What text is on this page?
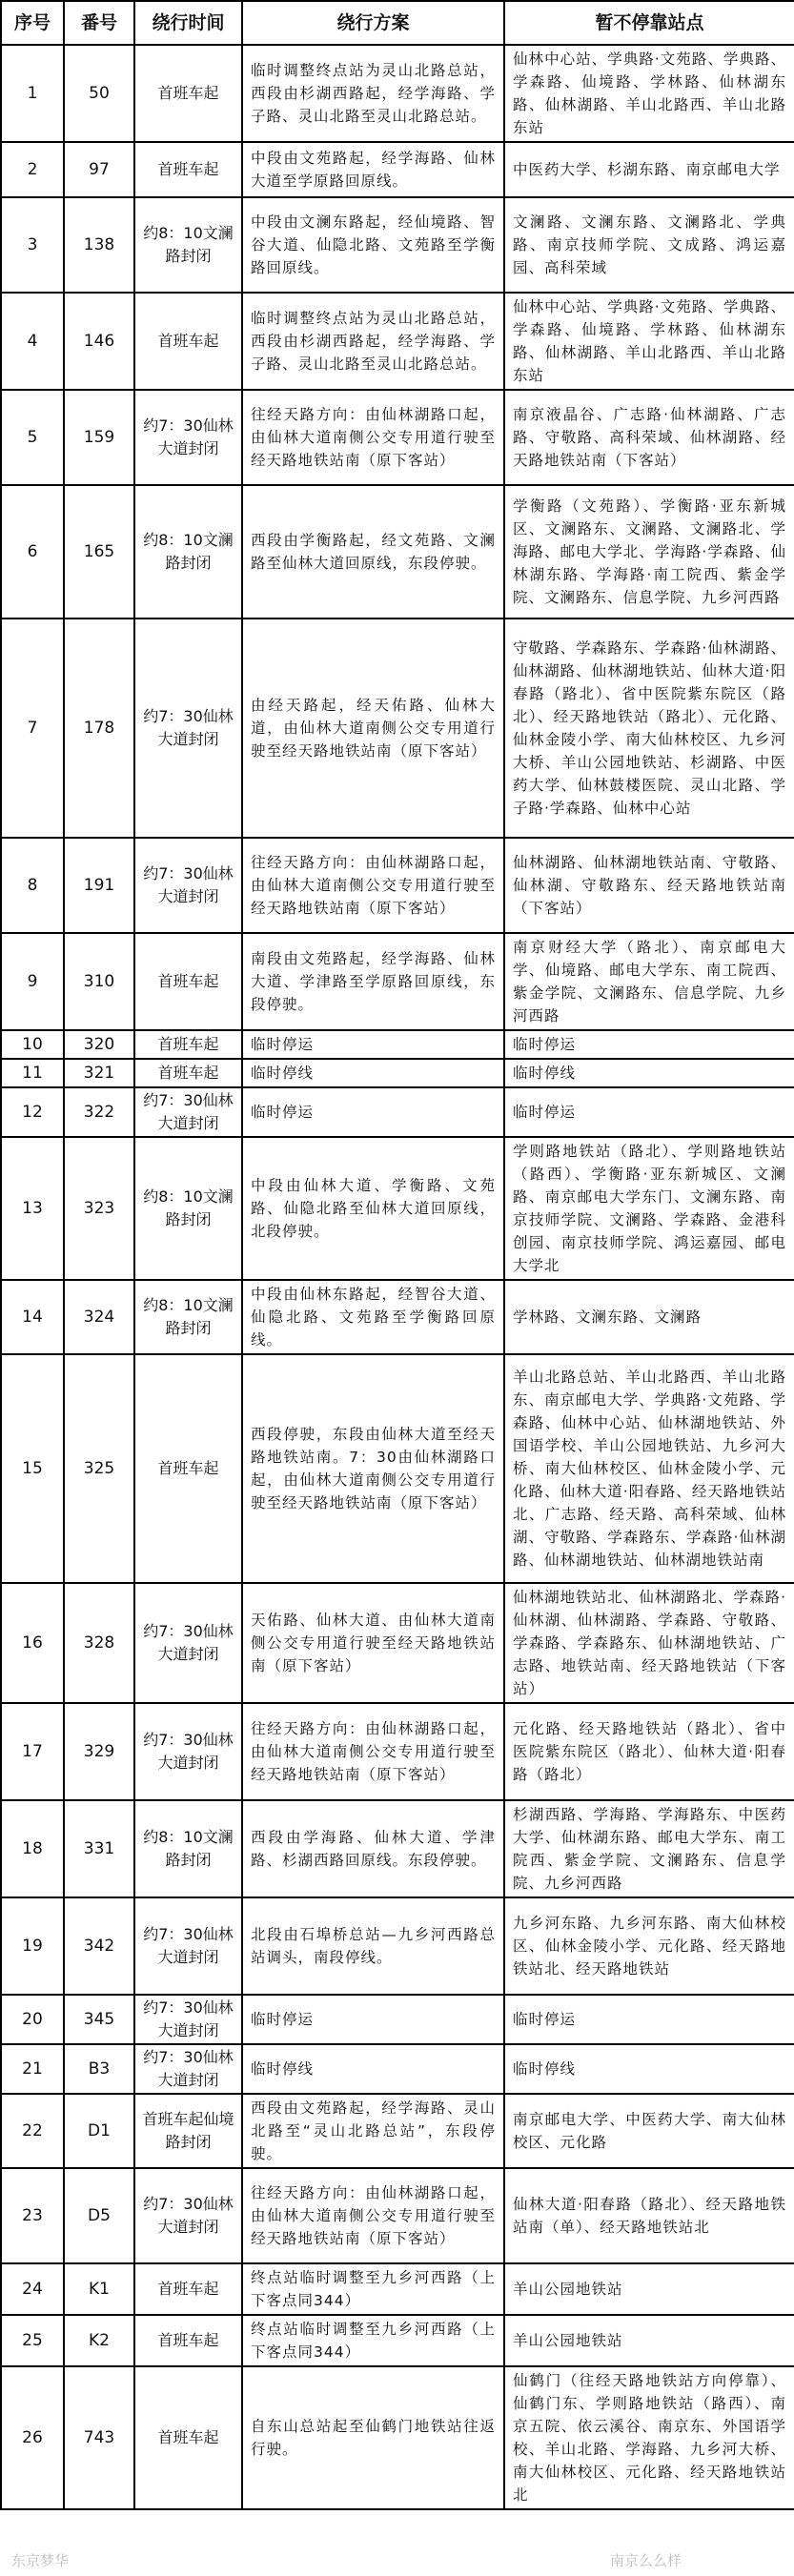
序号	番号	绕行时间	绕行方案	暂不停靠站点
1	50	首班车起	临时调整终点站为灵山北路总站，西段由杉湖西路起，经学海路、学子路、灵山北路至灵山北路总站。	仙林中心站、学典路·文苑路、学典路、学森路、仙境路、学林路、仙林湖东路、仙林湖路、羊山北路西、羊山北路东站
2	97	首班车起	中段由文苑路起，经学海路、仙林大道至学原路回原线。	中医药大学、杉湖东路、南京邮电大学
3	138	约8：10文澜路封闭	中段由文澜东路起，经仙境路、智谷大道、仙隐北路、文苑路至学衡路回原线。	文澜路、文澜东路、文澜路北、学典路、南京技师学院、文成路、鸿运嘉园、高科荣域
4	146	首班车起	临时调整终点站为灵山北路总站，西段由杉湖西路起，经学海路、学子路、灵山北路至灵山北路总站。	仙林中心站、学典路·文苑路、学典路、学森路、仙境路、学林路、仙林湖东路、仙林湖路、羊山北路西、羊山北路东站
5	159	约7：30仙林大道封闭	往经天路方向：由仙林湖路口起，由仙林大道南侧公交专用道行驶至经天路地铁站南（原下客站）	南京液晶谷、广志路·仙林湖路、广志路、守敬路、高科荣域、仙林湖路、经天路地铁站南（下客站）
6	165	约8：10文澜路封闭	西段由学衡路起，经文苑路、文澜路至仙林大道回原线，东段停驶。	学衡路（文苑路）、学衡路·亚东新城区、文澜路东、文澜路、文澜路北、学海路、邮电大学北、学海路·学森路、仙林湖东路、学海路·南工院西、紫金学院、文澜路东、信息学院、九乡河西路
7	178	约7：30仙林大道封闭	由经天路起，经天佑路、仙林大道，由仙林大道南侧公交专用道行驶至经天路地铁站南（原下客站）	守敬路、学森路东、学森路·仙林湖路、仙林湖路、仙林湖地铁站、仙林大道·阳春路（路北）、省中医院紫东院区（路北）、经天路地铁站（路北）、元化路、仙林金陵小学、南大仙林校区、九乡河大桥、羊山公园地铁站、杉湖路、中医药大学、仙林鼓楼医院、灵山北路、学子路·学森路、仙林中心站
8	191	约7：30仙林大道封闭	往经天路方向：由仙林湖路口起，由仙林大道南侧公交专用道行驶至经天路地铁站南（原下客站）	仙林湖路、仙林湖地铁站南、守敬路、仙林湖、守敬路东、经天路地铁站南（下客站）
9	310	首班车起	南段由文苑路起，经学海路、仙林大道、学津路至学原路回原线，东段停驶。	南京财经大学（路北）、南京邮电大学、仙境路、邮电大学东、南工院西、紫金学院、文澜路东、信息学院、九乡河西路
10	320	首班车起	临时停运	临时停运
11	321	首班车起	临时停线	临时停线
12	322	约7：30仙林大道封闭	临时停运	临时停运
13	323	约8：10文澜路封闭	中段由仙林大道、学衡路、文苑路、仙隐北路至仙林大道回原线，北段停驶。	学则路地铁站（路北）、学则路地铁站（路西）、学衡路·亚东新城区、文澜路、南京邮电大学东门、文澜东路、南京技师学院、文澜路、学森路、金港科创园、南京技师学院、鸿运嘉园、邮电大学北
14	324	约8：10文澜路封闭	中段由仙林东路起，经智谷大道、仙隐北路、文苑路至学衡路回原线。	学林路、文澜东路、文澜路
15	325	首班车起	西段停驶，东段由仙林大道至经天路地铁站南。7：30由仙林湖路口起，由仙林大道南侧公交专用道行驶至经天路地铁站南（原下客站）	羊山北路总站、羊山北路西、羊山北路东、南京邮电大学、学典路·文苑路、学森路、仙林中心站、仙林湖地铁站、外国语学校、羊山公园地铁站、九乡河大桥、南大仙林校区、仙林金陵小学、元化路、仙林大道·阳春路、经天路地铁站北、广志路、经天路、高科荣域、仙林湖、守敬路、学森路东、学森路·仙林湖路、仙林湖地铁站、仙林湖地铁站南
16	328	约7：30仙林大道封闭	天佑路、仙林大道、由仙林大道南侧公交专用道行驶至经天路地铁站南（原下客站）	仙林湖地铁站北、仙林湖路北、学森路·仙林湖、仙林湖路、学森路、守敬路、学森路、学森路东、仙林湖地铁站、广志路、地铁站南、经天路地铁站（下客站）
17	329	约7：30仙林大道封闭	往经天路方向：由仙林湖路口起，由仙林大道南侧公交专用道行驶至经天路地铁站南（原下客站）	元化路、经天路地铁站（路北）、省中医院紫东院区（路北）、仙林大道·阳春路（路北）
18	331	约8：10文澜路封闭	西段由学海路、仙林大道、学津路、杉湖西路回原线。东段停驶。	杉湖西路、学海路、学海路东、中医药大学、仙林湖东路、邮电大学东、南工院西、紫金学院、文澜路东、信息学院、九乡河西路
19	342	约7：30仙林大道封闭	北段由石埠桥总站—九乡河西路总站调头，南段停线。	九乡河东路、九乡河东路、南大仙林校区、仙林金陵小学、元化路、经天路地铁站北、经天路地铁站
20	345	约7：30仙林大道封闭	临时停运	临时停运
21	B3	约7：30仙林大道封闭	临时停线	临时停线
22	D1	首班车起仙境路封闭	西段由文苑路起，经学海路、灵山北路至“灵山北路总站”，东段停驶。	南京邮电大学、中医药大学、南大仙林校区、元化路
23	D5	约7：30仙林大道封闭	往经天路方向：由仙林湖路口起，由仙林大道南侧公交专用道行驶至经天路地铁站南（原下客站）	仙林大道·阳春路（路北）、经天路地铁站南（单）、经天路地铁站北
24	K1	首班车起	终点站临时调整至九乡河西路（上下客点同344）	羊山公园地铁站
25	K2	首班车起	终点站临时调整至九乡河西路（上下客点同344）	羊山公园地铁站
26	743	首班车起	自东山总站起至仙鹤门地铁站往返行驶。	仙鹤门（往经天路地铁站方向停靠）、仙鹤门东、学则路地铁站（路西）、南京五院、依云溪谷、南京东、外国语学校、羊山北路、学海路、九乡河大桥、南大仙林校区、元化路、经天路地铁站北
东京梦华	南京么么样
